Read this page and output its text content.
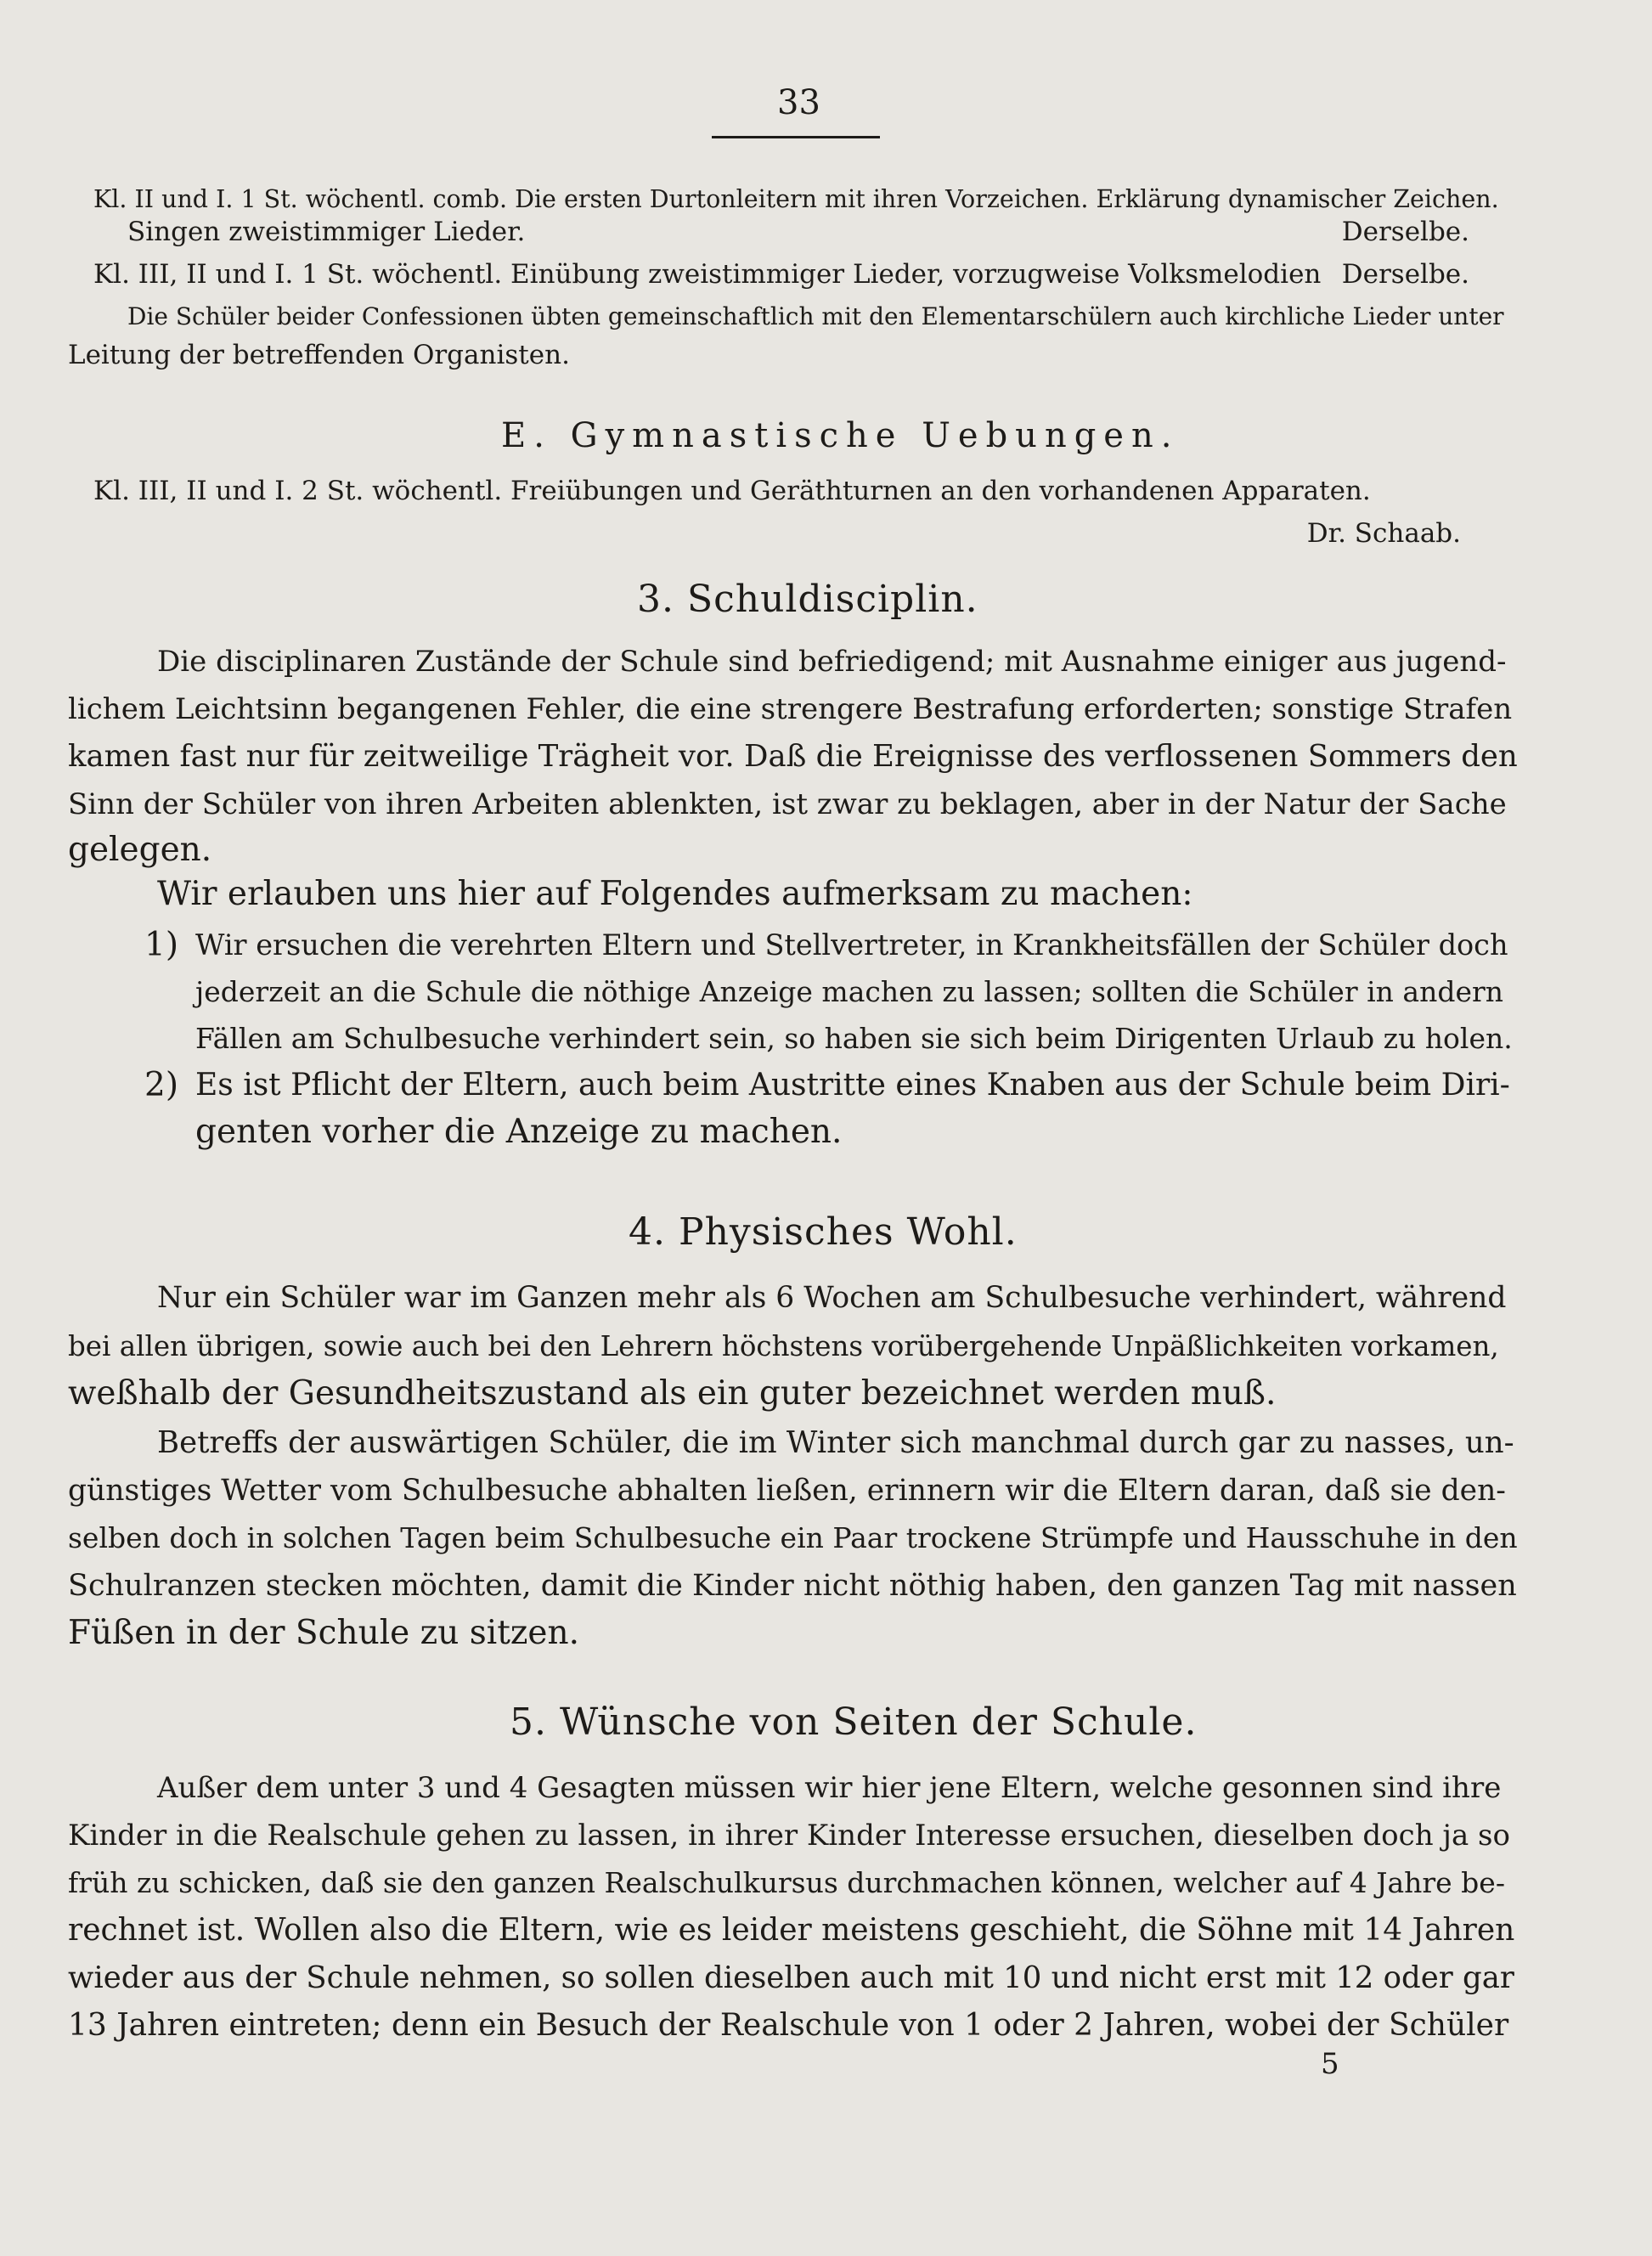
33
Kl. II und I. 1 St. wöchentl. comb. Die ersten Durtonleitern mit ihren Vorzeichen. Erklärung dynamischer Zeichen.
Singen zweistimmiger Lieder.	Derselbe.
Kl. III, II und I. 1 St. wöchentl. Einübung zweistimmiger Lieder, vorzugweise Volksmelodien Derselbe.
Die Schüler beider Confessionen übten gemeinschaftlich mit den Elementarschülern auch kirchliche Lieder unter
Leitung der betreffenden Organisten.
E. Gymnastische Uebungen.
Kl. III, II und I. 2 St. wöchentl. Freiübungen und Geräthturnen an den vorhandenen Apparaten.
Dr. Schaab.
3. Schuldisciplin.
Die disciplinaren Zustände der Schule sind befriedigend; mit Ausnahme einiger aus jugend-
lichem Leichtsinn begangenen Fehler, die eine strengere Bestrafung erforderten; sonstige Strafen
kamen fast nur für zeitweilige Trägheit vor. Daß die Ereignisse des verflossenen Sommers den
Sinn der Schüler von ihren Arbeiten ablenkten, ist zwar zu beklagen, aber in der Natur der Sache
gelegen.
Wir erlauben uns hier auf Folgendes aufmerksam zu machen:
1) Wir ersuchen die verehrten Eltern und Stellvertreter, in Krankheitsfällen der Schüler doch
jederzeit an die Schule die nöthige Anzeige machen zu lassen; sollten die Schüler in andern
Fällen am Schulbesuche verhindert sein, so haben sie sich beim Dirigenten Urlaub zu holen.
2) Es ist Pflicht der Eltern, auch beim Austritte eines Knaben aus der Schule beim Diri-
genten vorher die Anzeige zu machen.
4. Physisches Wohl.
Nur ein Schüler war im Ganzen mehr als 6 Wochen am Schulbesuche verhindert, während
bei allen übrigen, sowie auch bei den Lehrern höchstens vorübergehende Unpäßlichkeiten vorkamen,
weßhalb der Gesundheitszustand als ein guter bezeichnet werden muß.
Betreffs der auswärtigen Schüler, die im Winter sich manchmal durch gar zu nasses, un-
günstiges Wetter vom Schulbesuche abhalten ließen, erinnern wir die Eltern daran, daß sie den-
selben doch in solchen Tagen beim Schulbesuche ein Paar trockene Strümpfe und Hausschuhe in den
Schulranzen stecken möchten, damit die Kinder nicht nöthig haben, den ganzen Tag mit nassen
Füßen in der Schule zu sitzen.
5. Wünsche von Seiten der Schule.
Außer dem unter 3 und 4 Gesagten müssen wir hier jene Eltern, welche gesonnen sind ihre
Kinder in die Realschule gehen zu lassen, in ihrer Kinder Interesse ersuchen, dieselben doch ja so
früh zu schicken, daß sie den ganzen Realschulkursus durchmachen können, welcher auf 4 Jahre be-
rechnet ist. Wollen also die Eltern, wie es leider meistens geschieht, die Söhne mit 14 Jahren
wieder aus der Schule nehmen, so sollen dieselben auch mit 10 und nicht erst mit 12 oder gar
13 Jahren eintreten; denn ein Besuch der Realschule von 1 oder 2 Jahren, wobei der Schüler
5
